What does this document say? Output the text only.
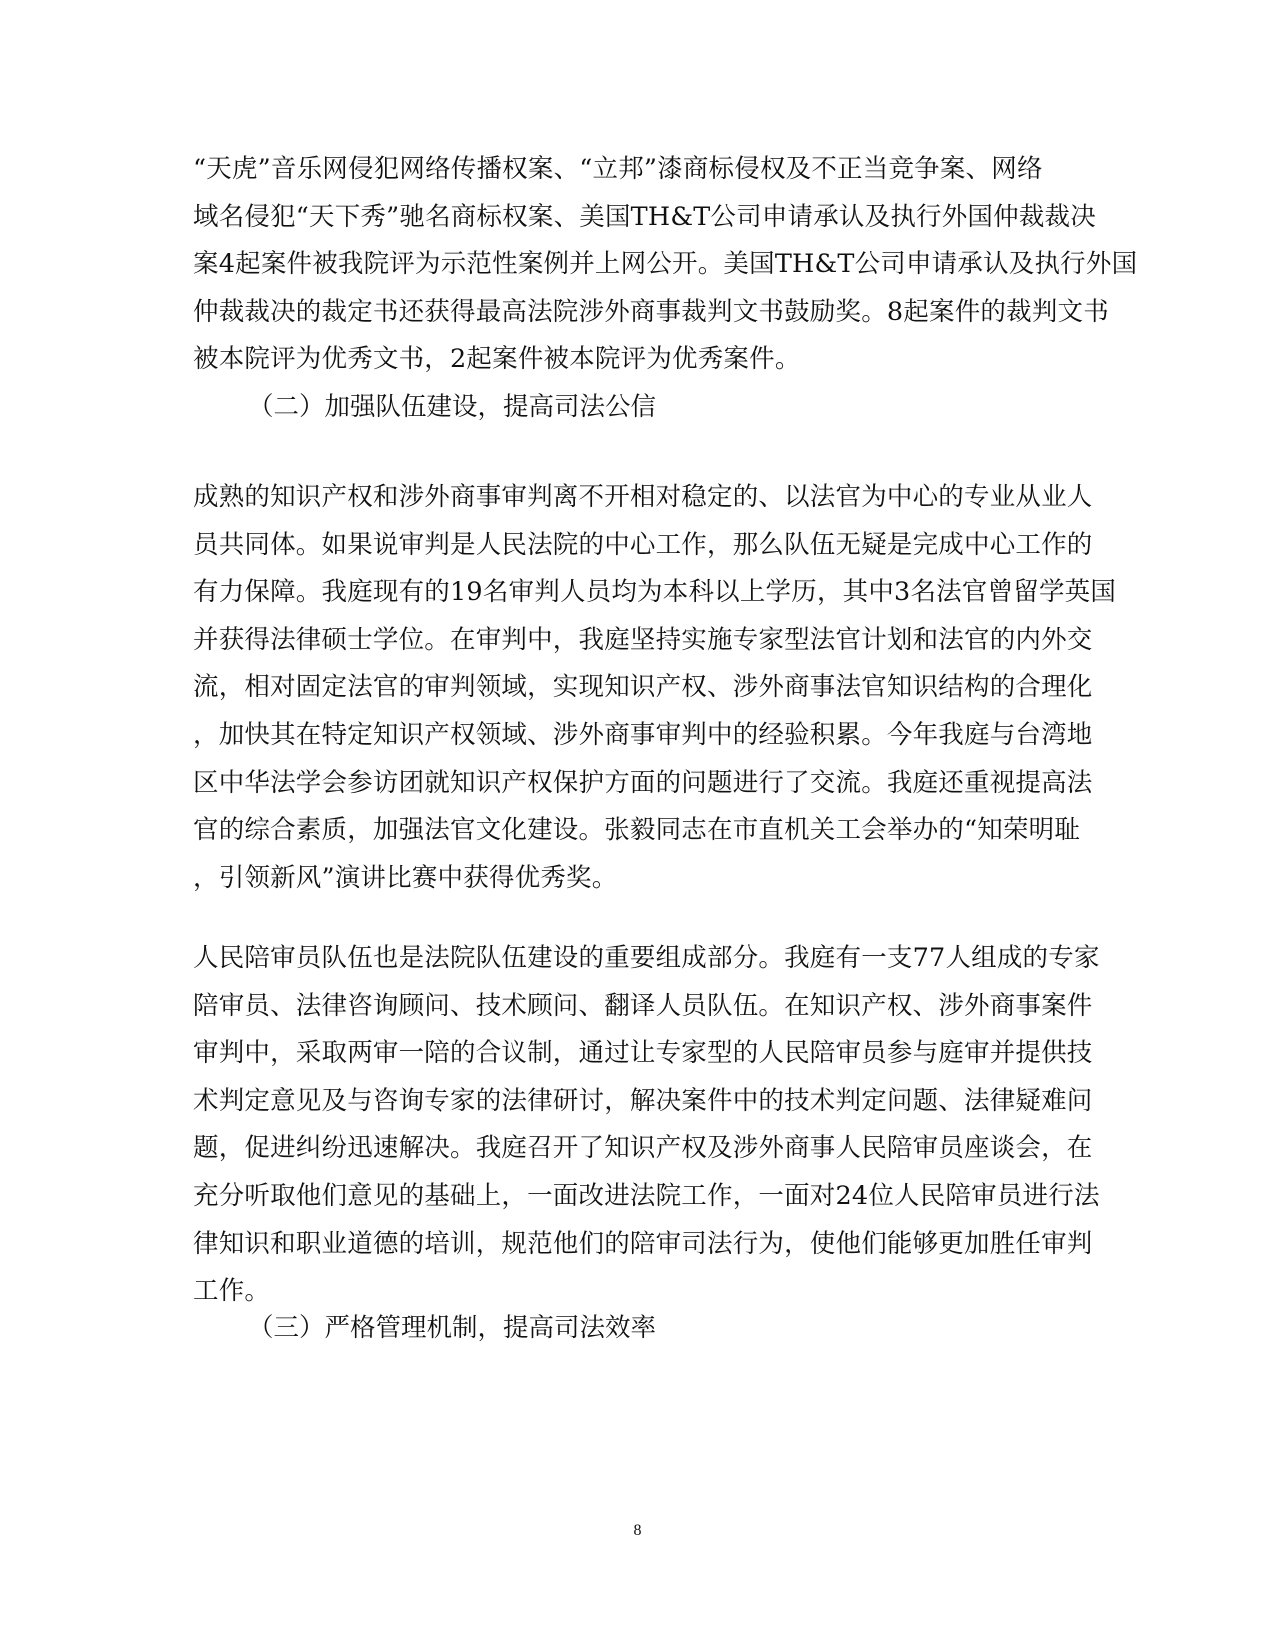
“天虎”音乐网侵犯网络传播权案、“立邦”漆商标侵权及不正当竞争案、网络
域名侵犯“天下秀”驰名商标权案、美国TH&T公司申请承认及执行外国仲裁裁决
案4起案件被我院评为示范性案例并上网公开。美国TH&T公司申请承认及执行外国
仲裁裁决的裁定书还获得最高法院涉外商事裁判文书鼓励奖。8起案件的裁判文书
被本院评为优秀文书，2起案件被本院评为优秀案件。

（二）加强队伍建设，提高司法公信

成熟的知识产权和涉外商事审判离不开相对稳定的、以法官为中心的专业从业人
员共同体。如果说审判是人民法院的中心工作，那么队伍无疑是完成中心工作的
有力保障。我庭现有的19名审判人员均为本科以上学历，其中3名法官曾留学英国
并获得法律硕士学位。在审判中，我庭坚持实施专家型法官计划和法官的内外交
流，相对固定法官的审判领域，实现知识产权、涉外商事法官知识结构的合理化
，加快其在特定知识产权领域、涉外商事审判中的经验积累。今年我庭与台湾地
区中华法学会参访团就知识产权保护方面的问题进行了交流。我庭还重视提高法
官的综合素质，加强法官文化建设。张毅同志在市直机关工会举办的“知荣明耻
，引领新风”演讲比赛中获得优秀奖。
人民陪审员队伍也是法院队伍建设的重要组成部分。我庭有一支77人组成的专家
陪审员、法律咨询顾问、技术顾问、翻译人员队伍。在知识产权、涉外商事案件
审判中，采取两审一陪的合议制，通过让专家型的人民陪审员参与庭审并提供技
术判定意见及与咨询专家的法律研讨，解决案件中的技术判定问题、法律疑难问
题，促进纠纷迅速解决。我庭召开了知识产权及涉外商事人民陪审员座谈会，在
充分听取他们意见的基础上，一面改进法院工作，一面对24位人民陪审员进行法
律知识和职业道德的培训，规范他们的陪审司法行为，使他们能够更加胜任审判
工作。

（三）严格管理机制，提高司法效率

8
